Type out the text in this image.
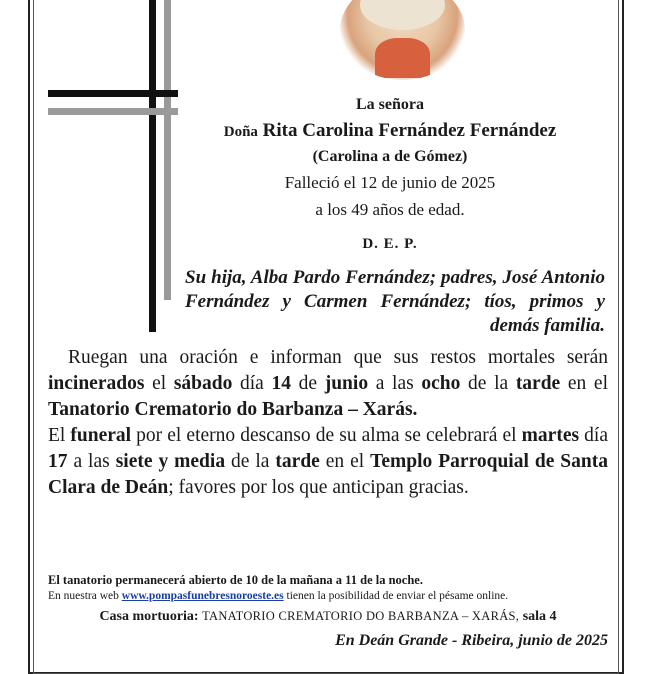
La señora
Doña Rita Carolina Fernández Fernández
(Carolina a de Gómez)
Falleció el 12 de junio de 2025
a los 49 años de edad.
D. E. P.
Su hija, Alba Pardo Fernández; padres, José Antonio Fernández y Carmen Fernández; tíos, primos y demás familia.

Ruegan una oración e informan que sus restos mortales serán incinerados el sábado día 14 de junio a las ocho de la tarde en el Tanatorio Crematorio do Barbanza – Xarás.

El funeral por el eterno descanso de su alma se celebrará el martes día 17 a las siete y media de la tarde en el Templo Parroquial de Santa Clara de Deán; favores por los que anticipan gracias.

El tanatorio permanecerá abierto de 10 de la mañana a 11 de la noche.
En nuestra web www.pompasfunebresnoroeste.es tienen la posibilidad de enviar el pésame online.
Casa mortuoria: TANATORIO CREMATORIO DO BARBANZA – XARÁS, sala 4
En Deán Grande - Ribeira, junio de 2025
